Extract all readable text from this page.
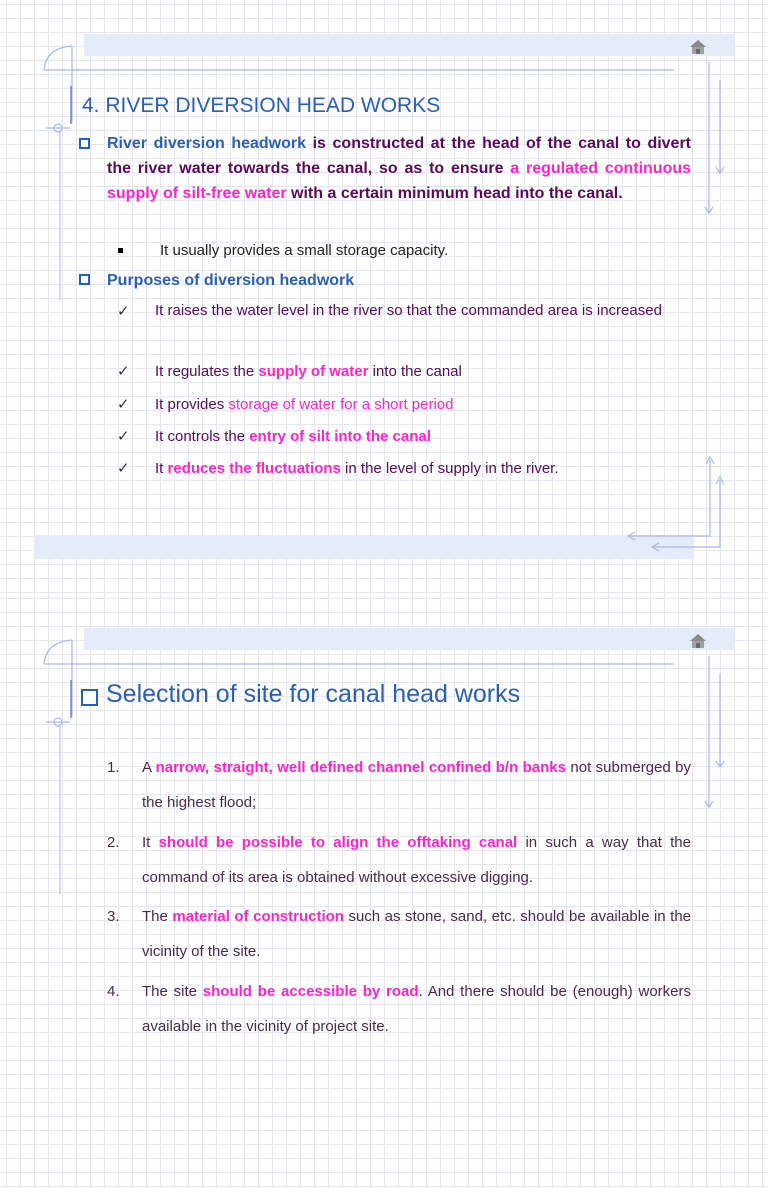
4. RIVER DIVERSION HEAD WORKS

River diversion headwork is constructed at the head of the canal to divert the river water towards the canal, so as to ensure a regulated continuous supply of silt-free water with a certain minimum head into the canal.

It usually provides a small storage capacity.

Purposes of diversion headwork

✓ It raises the water level in the river so that the commanded area is increased

✓ It regulates the supply of water into the canal

✓ It provides storage of water for a short period

✓ It controls the entry of silt into the canal

✓ It reduces the fluctuations in the level of supply in the river.

Selection of site for canal head works

1. A narrow, straight, well defined channel confined b/n banks not submerged by the highest flood;

2. It should be possible to align the offtaking canal in such a way that the command of its area is obtained without excessive digging.

3. The material of construction such as stone, sand, etc. should be available in the vicinity of the site.

4. The site should be accessible by road. And there should be (enough) workers available in the vicinity of project site.
